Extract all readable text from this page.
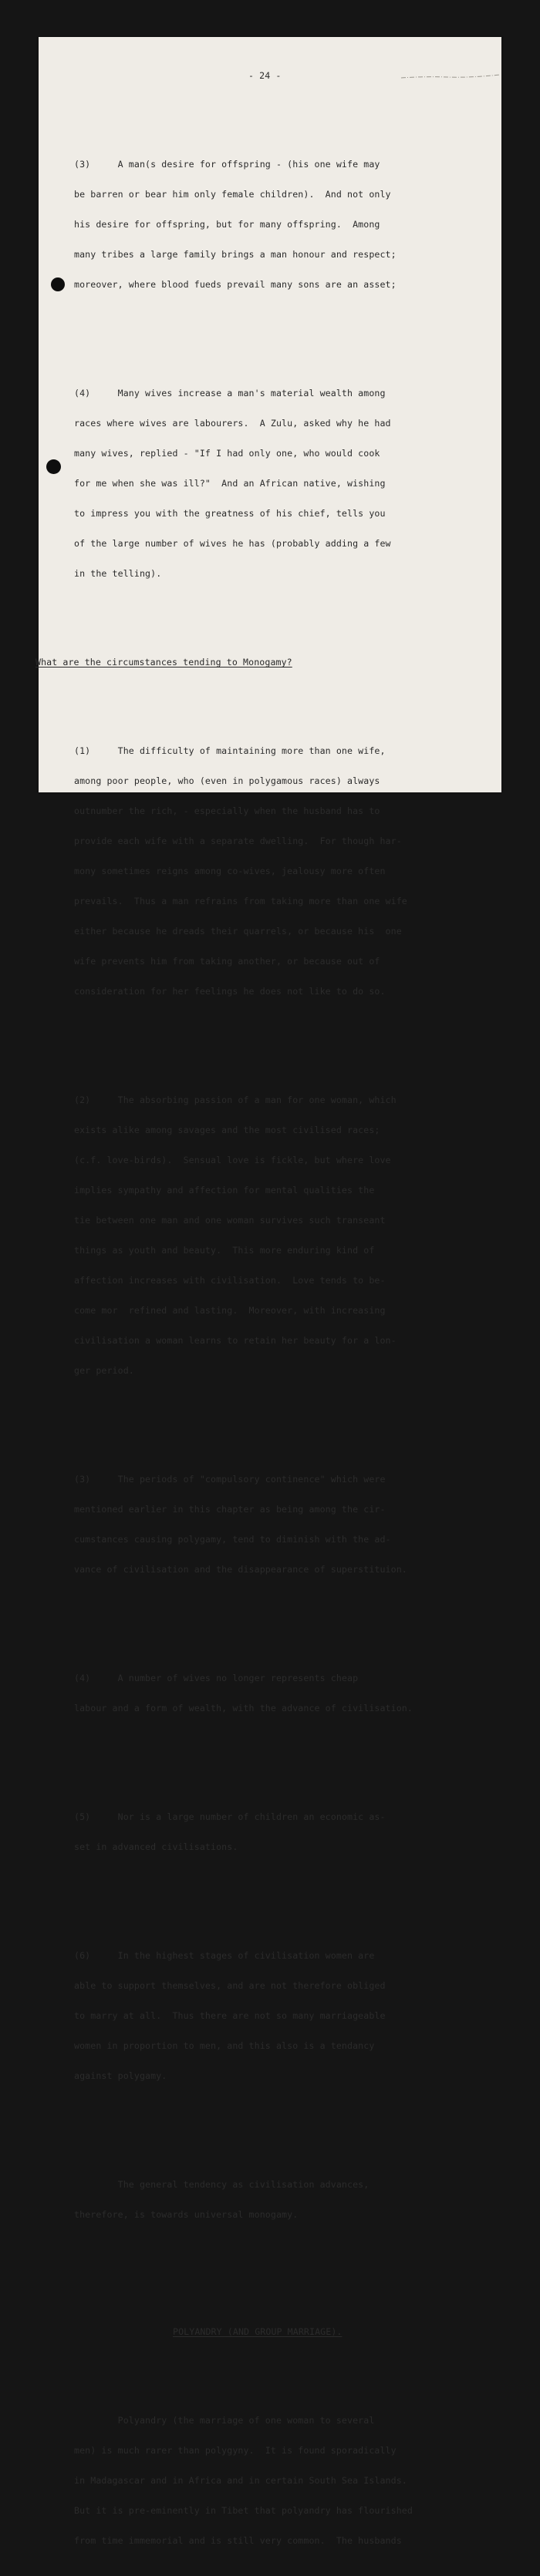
- 24 -

(3)     A man(s desire for offspring - (his one wife may

be barren or bear him only female children).  And not only

his desire for offspring, but for many offspring.  Among

many tribes a large family brings a man honour and respect;

moreover, where blood fueds prevail many sons are an asset;

(4)     Many wives increase a man's material wealth among

races where wives are labourers.  A Zulu, asked why he had

many wives, replied - "If I had only one, who would cook

for me when she was ill?"  And an African native, wishing

to impress you with the greatness of his chief, tells you

of the large number of wives he has (probably adding a few

in the telling).

What are the circumstances tending to Monogamy?

(1)     The difficulty of maintaining more than one wife,

among poor people, who (even in polygamous races) always

outnumber the rich, - especially when the husband has to

provide each wife with a separate dwelling.  For though har-

mony sometimes reigns among co-wives, jealousy more often

prevails.  Thus a man refrains from taking more than one wife

either because he dreads their quarrels, or because his  one

wife prevents him from taking another, or because out of

consideration for her feelings he does not like to do so.

(2)     The absorbing passion of a man for one woman, which

exists alike among savages and the most civilised races;

(c.f. love-birds).  Sensual love is fickle, but where love

implies sympathy and affection for mental qualities the

tie between one man and one woman survives such transeant

things as youth and beauty.  This more enduring kind of

affection increases with civilisation.  Love tends to be-

come mor  refined and lasting.  Moreover, with increasing

civilisation a woman learns to retain her beauty for a lon-

ger period.

(3)     The periods of "compulsory continence" which were

mentioned earlier in this chapter as being among the cir-

cumstances causing polygamy, tend to diminish with the ad-

vance of civilisation and the disappearance of superstituion.

(4)     A number of wives no longer represents cheap

labour and a form of wealth, with the advance of civilisation.

(5)     Nor is a large number of children an economic as-

set in advanced civilisations.

(6)     In the highest stages of civilisation women are

able to support themselves, and are not therefore obliged

to marry at all.  Thus there are not so many marriageable

women in proportion to men, and this also is a tendancy

against polygamy.

The general tendency as civilisation advances,

therefore, is towards universal monogamy.

POLYANDRY (AND GROUP MARRIAGE).

Polyandry (the marriage of one woman to several

men) is much rarer than polygyny.  It is found sporadically

in Madagascar and in Africa and in certain South Sea Islands.

But it is pre-eminently in Tibet that polyandry has flourished

from time immemorial and is still very common.  The husbands
